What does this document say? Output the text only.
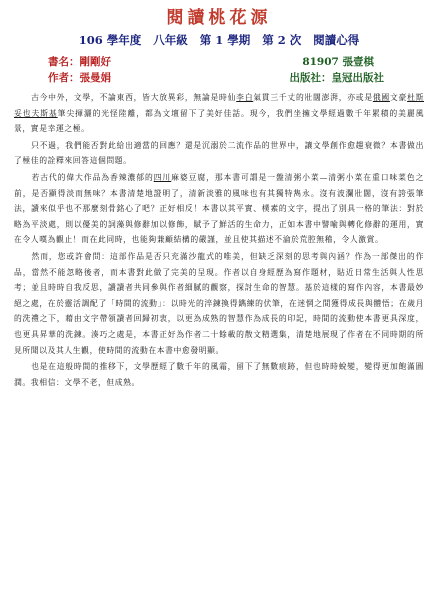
閱讀桃花源
106 學年度   八年級   第 1 學期   第 2 次   閱讀心得
書名：剛剛好	81907 張壹棋
作者：張曼娟	出版社：皇冠出版社

　　古今中外，文學，不論東西，皆大放異彩，無論是時仙李白氣貫三千丈的壯闊澎湃，亦或是俄國文豪杜斯妥也夫斯基筆尖揮灑的光怪陸離，都為文壇留下了美好佳話。現今，我們坐擁文學經過數千年累積的美麗風景，實是幸運之極。

　　只不過，我們能否對此給出適當的回應？還是沉溺於二流作品的世界中，讓文學創作愈趨衰微？本書做出了極佳的詮釋來回答這個問題。

　　若古代的偉大作品為香辣濃郁的四川麻婆豆腐，那本書可謂是一盤清粥小菜—清粥小菜在重口味菜色之前，是否顯得淡而無味？本書清楚地證明了，清新淡雅的風味也有其獨特雋永。沒有波瀾壯闊，沒有誇張筆法，讀來似乎也不那麼刻骨銘心了吧？正好相反！本書以其平實、樸素的文字，提出了別具一格的筆法：對於略為平淡處，則以優美的詞藻與修辭加以修飾，賦予了鮮活的生命力，正如本書中譬喻與轉化修辭的運用，實在令人嘆為觀止！而在此同時，也能夠兼顧結構的嚴謹，並且使其描述不淪於荒腔無稽，令人激賞。

　　然而，您或許會問：這部作品是否只充滿沙龍式的唯美，但缺乏深刻的思考與內涵？作為一部傑出的作品，當然不能忽略後者，而本書對此做了完美的呈現。作者以自身經歷為寫作題材，貼近日常生活與人性思考；並且時時自我反思，讀讀者共同參與作者細膩的觀察，探討生命的智慧。基於這樣的寫作內容，本書最妙絕之處，在於靈活調配了「時間的流動」：以時光的淬鍊換得鐫練的伏筆，在迷惘之間獲得成長與體悟；在歲月的洗禮之下，藉由文字帶領讀者回歸初衷，以更為成熟的智慧作為成長的印記，時間的流動使本書更具深度，也更具昇華的洗鍊。湊巧之處是，本書正好為作者二十餘載的散文精選集，清楚地展現了作者在不同時期的所見所聞以及其人生觀，使時間的流動在本書中愈發明顯。

　　也是在這般時間的推移下，文學歷經了數千年的風霜，留下了無數痕跡，但也時時蛻變，變得更加飽滿圓潤。我相信：文學不老，但成熟。
